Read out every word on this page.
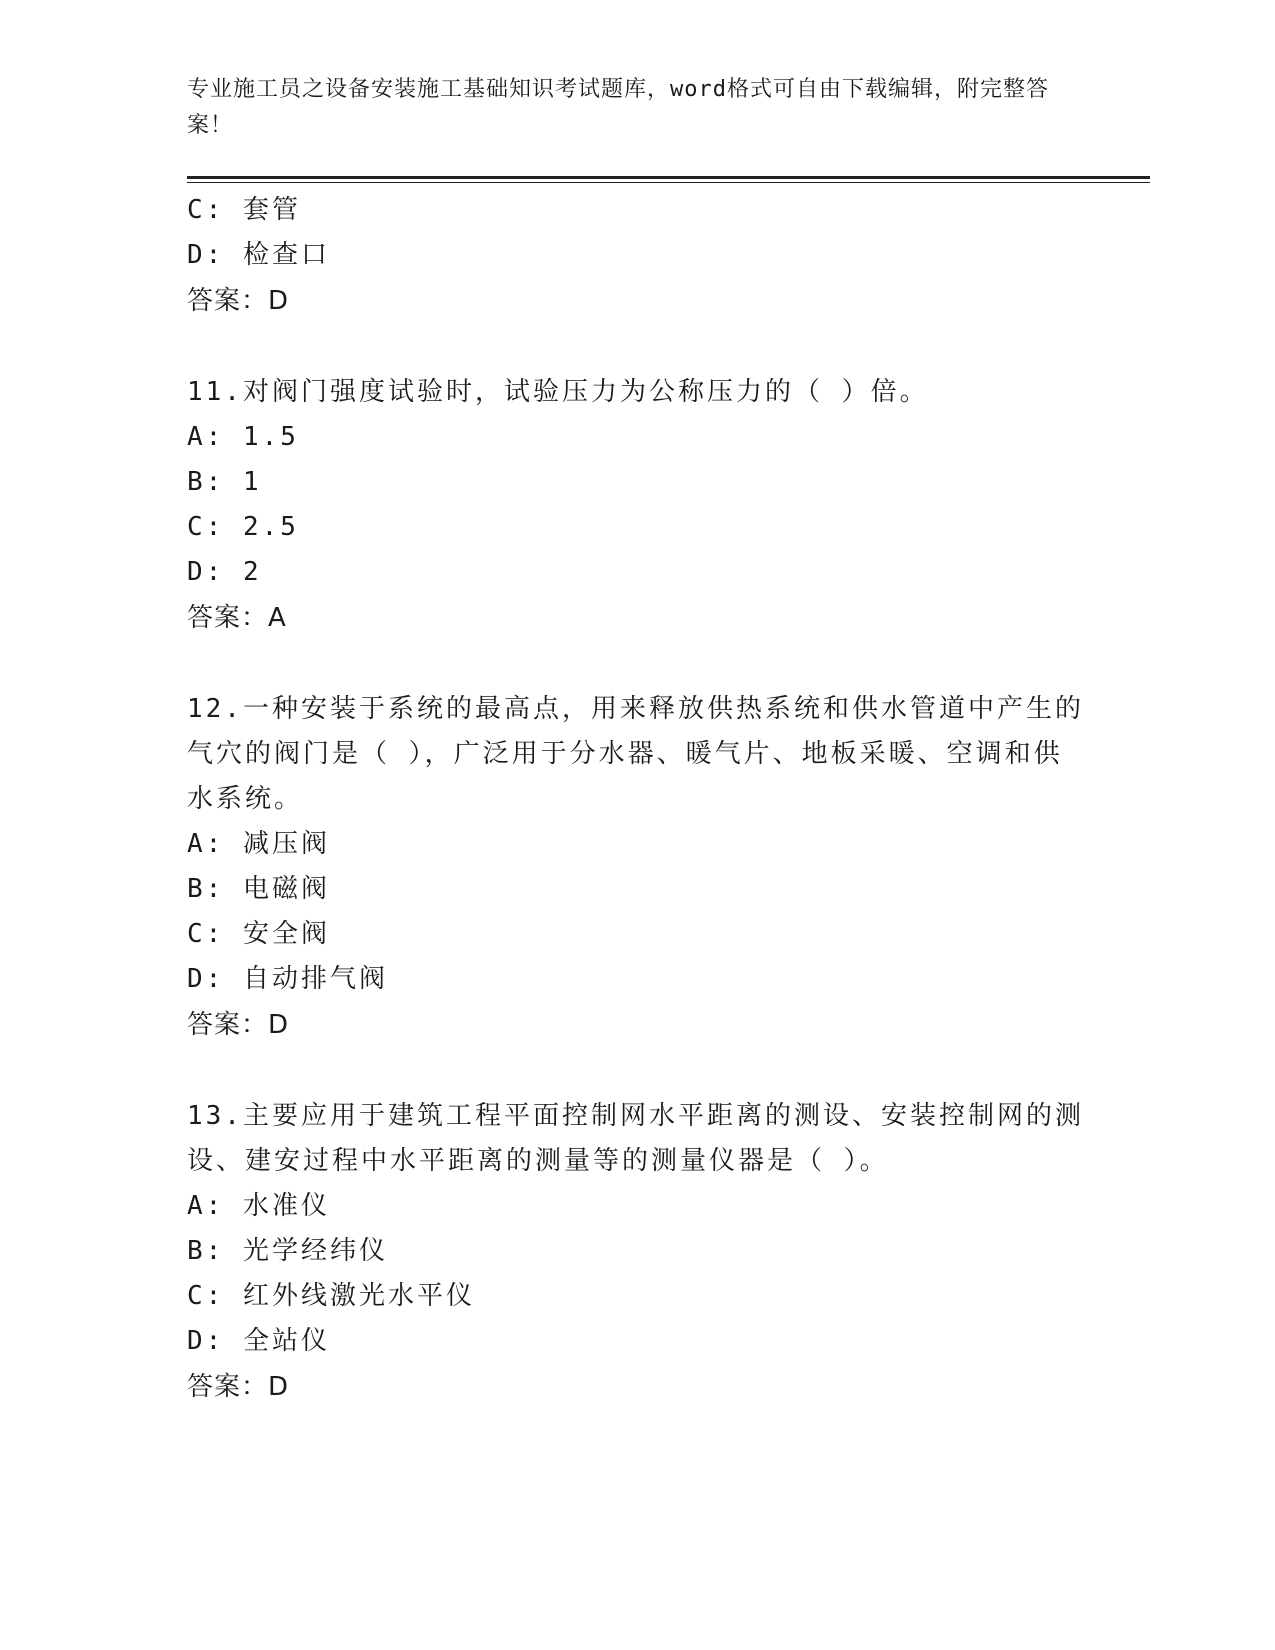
专业施工员之设备安装施工基础知识考试题库，word格式可自由下载编辑，附完整答案！

C: 套管

D: 检查口

答案：D

11.对阀门强度试验时，试验压力为公称压力的（ ）倍。

A: 1.5

B: 1

C: 2.5

D: 2

答案：A

12.一种安装于系统的最高点，用来释放供热系统和供水管道中产生的气穴的阀门是（ ），广泛用于分水器、暖气片、地板采暖、空调和供水系统。

A: 减压阀

B: 电磁阀

C: 安全阀

D: 自动排气阀

答案：D

13.主要应用于建筑工程平面控制网水平距离的测设、安装控制网的测设、建安过程中水平距离的测量等的测量仪器是（ ）。

A: 水准仪

B: 光学经纬仪

C: 红外线激光水平仪

D: 全站仪

答案：D
